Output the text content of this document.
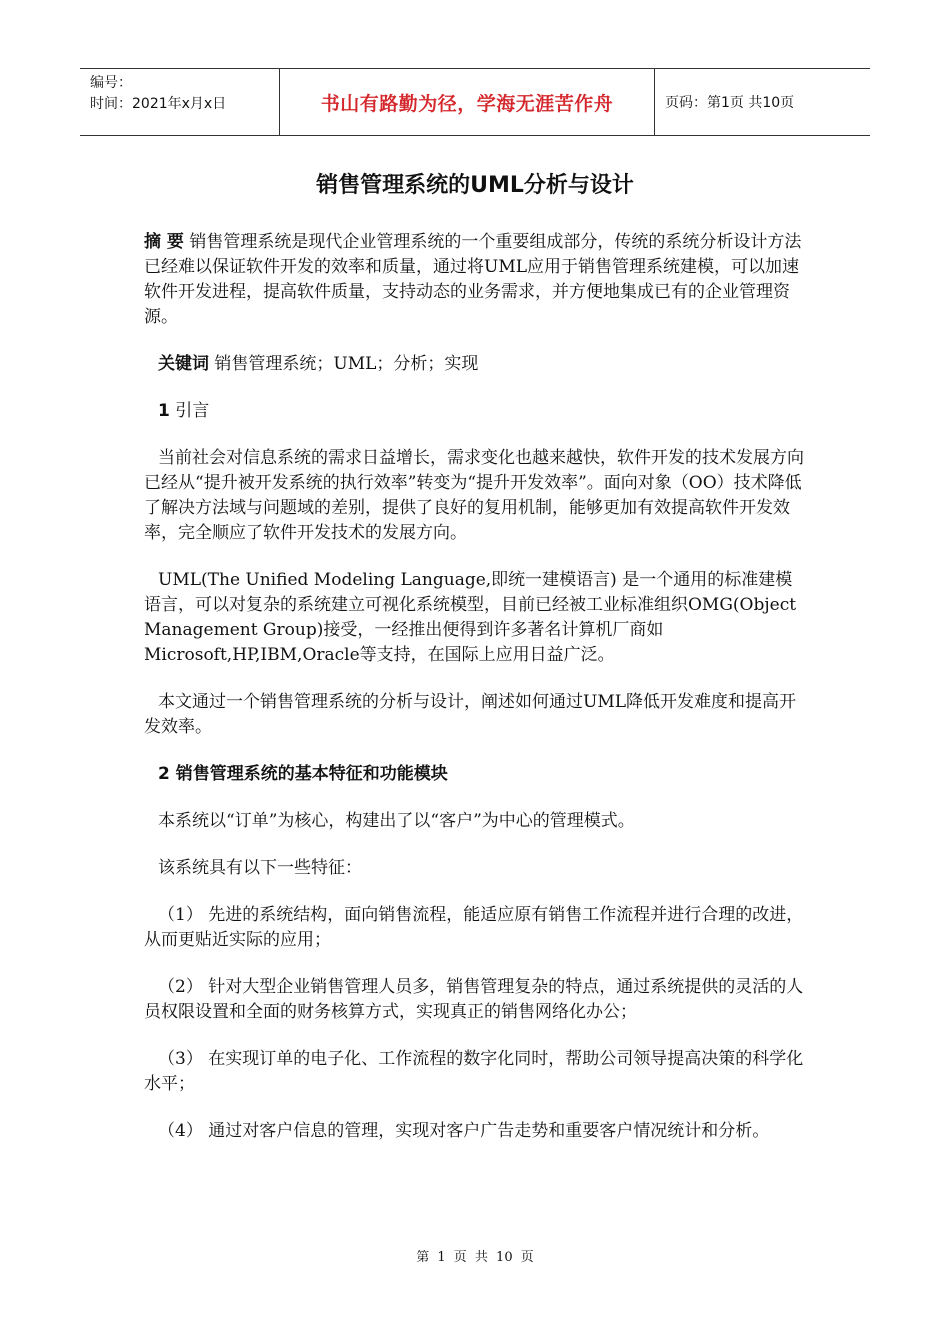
编号：
时间：2021年x月x日	书山有路勤为径，学海无涯苦作舟	页码：第1页 共10页
销售管理系统的UML分析与设计

摘 要 销售管理系统是现代企业管理系统的一个重要组成部分，传统的系统分析设计方法已经难以保证软件开发的效率和质量，通过将UML应用于销售管理系统建模，可以加速软件开发进程，提高软件质量，支持动态的业务需求，并方便地集成已有的企业管理资源。

关键词 销售管理系统；UML；分析；实现

1 引言

当前社会对信息系统的需求日益增长，需求变化也越来越快，软件开发的技术发展方向已经从“提升被开发系统的执行效率”转变为“提升开发效率”。面向对象（OO）技术降低了解决方法域与问题域的差别，提供了良好的复用机制，能够更加有效提高软件开发效率，完全顺应了软件开发技术的发展方向。

UML(The Unified Modeling Language,即统一建模语言) 是一个通用的标准建模语言，可以对复杂的系统建立可视化系统模型，目前已经被工业标准组织OMG(Object Management Group)接受，一经推出便得到许多著名计算机厂商如Microsoft,HP,IBM,Oracle等支持，在国际上应用日益广泛。

本文通过一个销售管理系统的分析与设计，阐述如何通过UML降低开发难度和提高开发效率。

2 销售管理系统的基本特征和功能模块

本系统以“订单”为核心，构建出了以“客户”为中心的管理模式。

该系统具有以下一些特征：

（1） 先进的系统结构，面向销售流程，能适应原有销售工作流程并进行合理的改进，从而更贴近实际的应用；

（2） 针对大型企业销售管理人员多，销售管理复杂的特点，通过系统提供的灵活的人员权限设置和全面的财务核算方式，实现真正的销售网络化办公；

（3） 在实现订单的电子化、工作流程的数字化同时，帮助公司领导提高决策的科学化水平；

（4） 通过对客户信息的管理，实现对客户广告走势和重要客户情况统计和分析。

第 1 页 共 10 页
